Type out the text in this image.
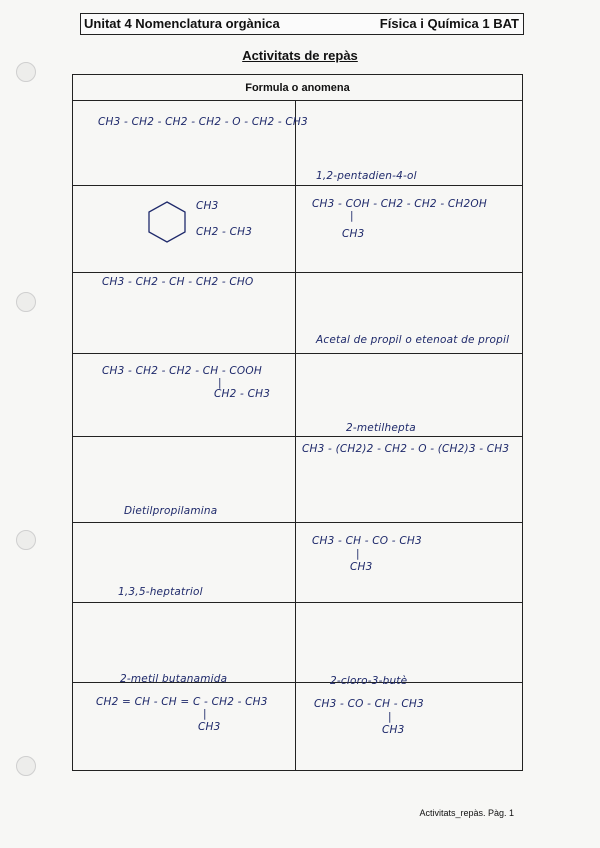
Unitat 4 Nomenclatura orgànica	Física i Química 1 BAT
Activitats de repàs
Formula o anomena
CH3 - CH2 - CH2 - CH2 - O - CH2 - CH3
CH3
CH2 - CH3
1,2-pentadien-4-ol
CH3 - COH - CH2 - CH2 - CH2OH
|
CH3
CH3 - CH2 - CH - CH2 - CHO
CH3 - CH2 - CH2 - CH - COOH
|
CH2 - CH3
Acetal de propil o etenoat de propil
2-metilhepta
CH3 - (CH2)2 - CH2 - O - (CH2)3 - CH3
Dietilpropilamina
CH3 - CH - CO - CH3
|
CH3
1,3,5-heptatriol
2-metil butanamida
CH2 = CH - CH = C - CH2 - CH3
|
CH3
2-cloro-3-butè
CH3 - CO - CH - CH3
|
CH3
Activitats_repàs. Pàg. 1
